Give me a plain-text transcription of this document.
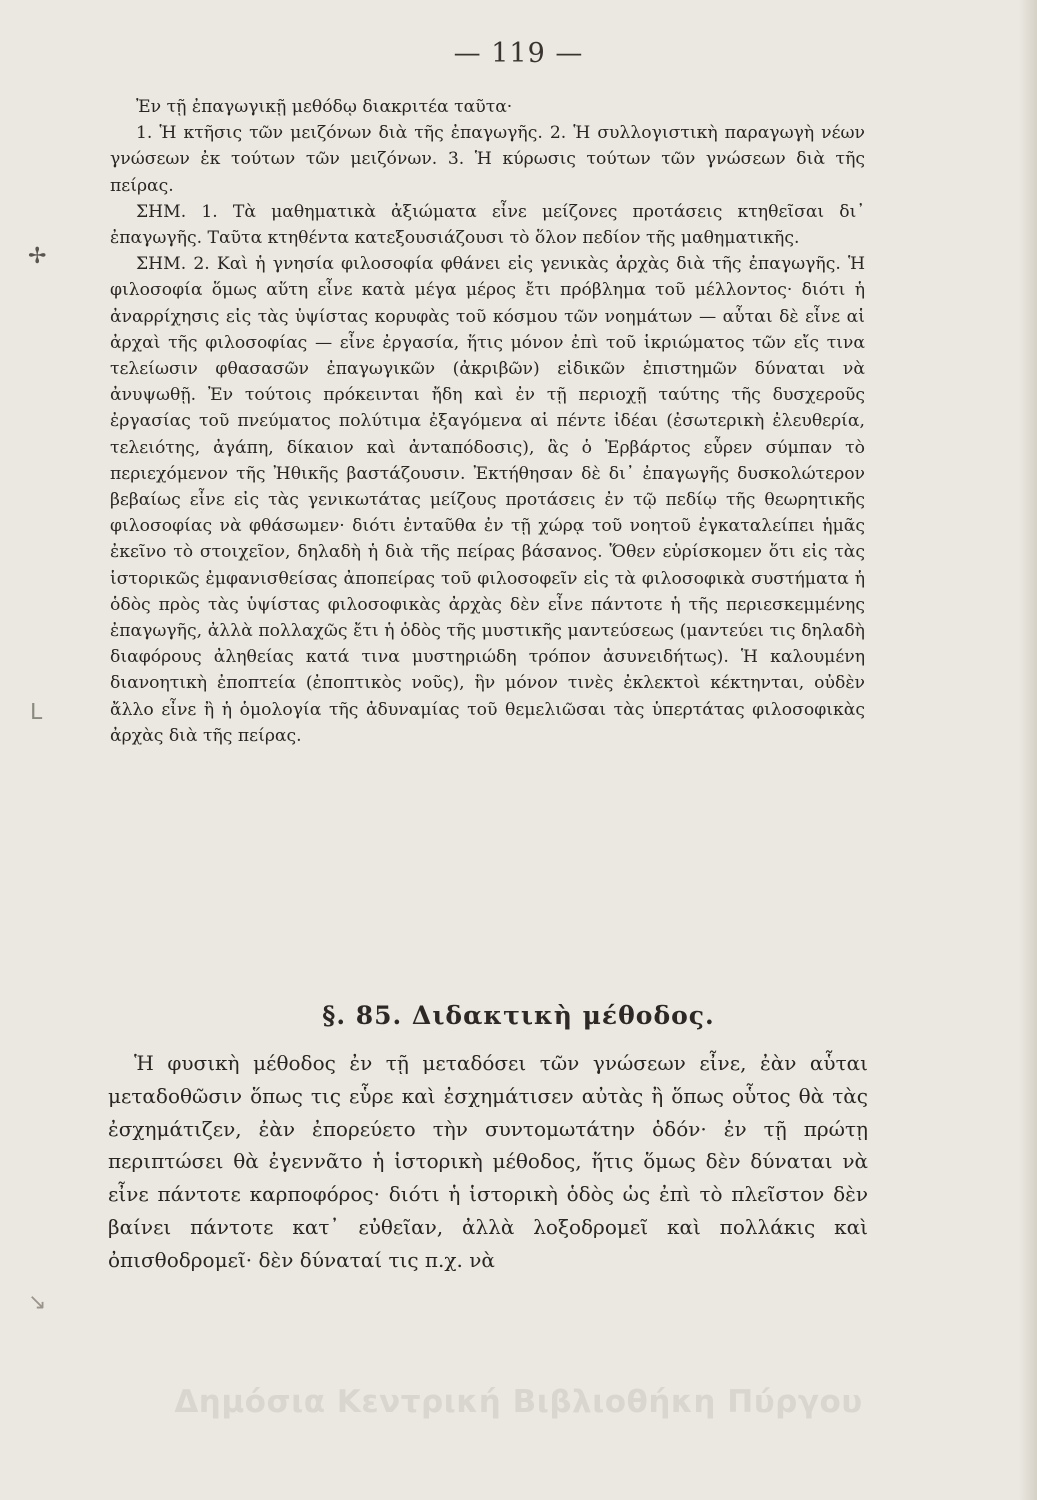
— 119 —

Ἐν τῇ ἐπαγωγικῇ μεθόδῳ διακριτέα ταῦτα·

1. Ἡ κτῆσις τῶν μειζόνων διὰ τῆς ἐπαγωγῆς. 2. Ἡ συλλογιστικὴ παραγωγὴ νέων γνώσεων ἐκ τούτων τῶν μειζόνων. 3. Ἡ κύρωσις τούτων τῶν γνώσεων διὰ τῆς πείρας.

ΣΗΜ. 1. Τὰ μαθηματικὰ ἀξιώματα εἶνε μείζονες προτάσεις κτηθεῖσαι δι᾽ ἐπαγωγῆς. Ταῦτα κτηθέντα κατεξουσιάζουσι τὸ ὅλον πεδίον τῆς μαθηματικῆς.

ΣΗΜ. 2. Καὶ ἡ γνησία φιλοσοφία φθάνει εἰς γενικὰς ἀρχὰς διὰ τῆς ἐπαγωγῆς. Ἡ φιλοσοφία ὅμως αὕτη εἶνε κατὰ μέγα μέρος ἔτι πρόβλημα τοῦ μέλλοντος· διότι ἡ ἀναρρίχησις εἰς τὰς ὑψίστας κορυφὰς τοῦ κόσμου τῶν νοημάτων — αὗται δὲ εἶνε αἱ ἀρχαὶ τῆς φιλοσοφίας — εἶνε ἐργασία, ἥτις μόνον ἐπὶ τοῦ ἱκριώματος τῶν εἴς τινα τελείωσιν φθασασῶν ἐπαγωγικῶν (ἀκριβῶν) εἰδικῶν ἐπιστημῶν δύναται νὰ ἀνυψωθῇ. Ἐν τούτοις πρόκεινται ἤδη καὶ ἐν τῇ περιοχῇ ταύτης τῆς δυσχεροῦς ἐργασίας τοῦ πνεύματος πολύτιμα ἐξαγόμενα αἱ πέντε ἰδέαι (ἐσωτερικὴ ἐλευθερία, τελειότης, ἀγάπη, δίκαιον καὶ ἀνταπόδοσις), ἃς ὁ Ἑρβάρτος εὗρεν σύμπαν τὸ περιεχόμενον τῆς Ἠθικῆς βαστάζουσιν. Ἐκτήθησαν δὲ δι᾽ ἐπαγωγῆς δυσκολώτερον βεβαίως εἶνε εἰς τὰς γενικωτάτας μείζους προτάσεις ἐν τῷ πεδίῳ τῆς θεωρητικῆς φιλοσοφίας νὰ φθάσωμεν· διότι ἐνταῦθα ἐν τῇ χώρᾳ τοῦ νοητοῦ ἐγκαταλείπει ἡμᾶς ἐκεῖνο τὸ στοιχεῖον, δηλαδὴ ἡ διὰ τῆς πείρας βάσανος. Ὅθεν εὑρίσκομεν ὅτι εἰς τὰς ἱστορικῶς ἐμφανισθείσας ἀποπείρας τοῦ φιλοσοφεῖν εἰς τὰ φιλοσοφικὰ συστήματα ἡ ὁδὸς πρὸς τὰς ὑψίστας φιλοσοφικὰς ἀρχὰς δὲν εἶνε πάντοτε ἡ τῆς περιεσκεμμένης ἐπαγωγῆς, ἀλλὰ πολλαχῶς ἔτι ἡ ὁδὸς τῆς μυστικῆς μαντεύσεως (μαντεύει τις δηλαδὴ διαφόρους ἀληθείας κατά τινα μυστηριώδη τρόπον ἀσυνειδήτως). Ἡ καλουμένη διανοητικὴ ἐποπτεία (ἐποπτικὸς νοῦς), ἣν μόνον τινὲς ἐκλεκτοὶ κέκτηνται, οὐδὲν ἄλλο εἶνε ἢ ἡ ὁμολογία τῆς ἀδυναμίας τοῦ θεμελιῶσαι τὰς ὑπερτάτας φιλοσοφικὰς ἀρχὰς διὰ τῆς πείρας.

§. 85. Διδακτικὴ μέθοδος.

Ἡ φυσικὴ μέθοδος ἐν τῇ μεταδόσει τῶν γνώσεων εἶνε, ἐὰν αὗται μεταδοθῶσιν ὅπως τις εὗρε καὶ ἐσχημάτισεν αὐτὰς ἢ ὅπως οὗτος θὰ τὰς ἐσχημάτιζεν, ἐὰν ἐπορεύετο τὴν συντομωτάτην ὁδόν· ἐν τῇ πρώτῃ περιπτώσει θὰ ἐγεννᾶτο ἡ ἱστορικὴ μέθοδος, ἥτις ὅμως δὲν δύναται νὰ εἶνε πάντοτε καρποφόρος· διότι ἡ ἱστορικὴ ὁδὸς ὡς ἐπὶ τὸ πλεῖστον δὲν βαίνει πάντοτε κατ᾽ εὐθεῖαν, ἀλλὰ λοξοδρομεῖ καὶ πολλάκις καὶ ὀπισθοδρομεῖ· δὲν δύναταί τις π.χ. νὰ

Δημόσια Κεντρική Βιβλιοθήκη Πύργου
✢
ᒪ
↘
